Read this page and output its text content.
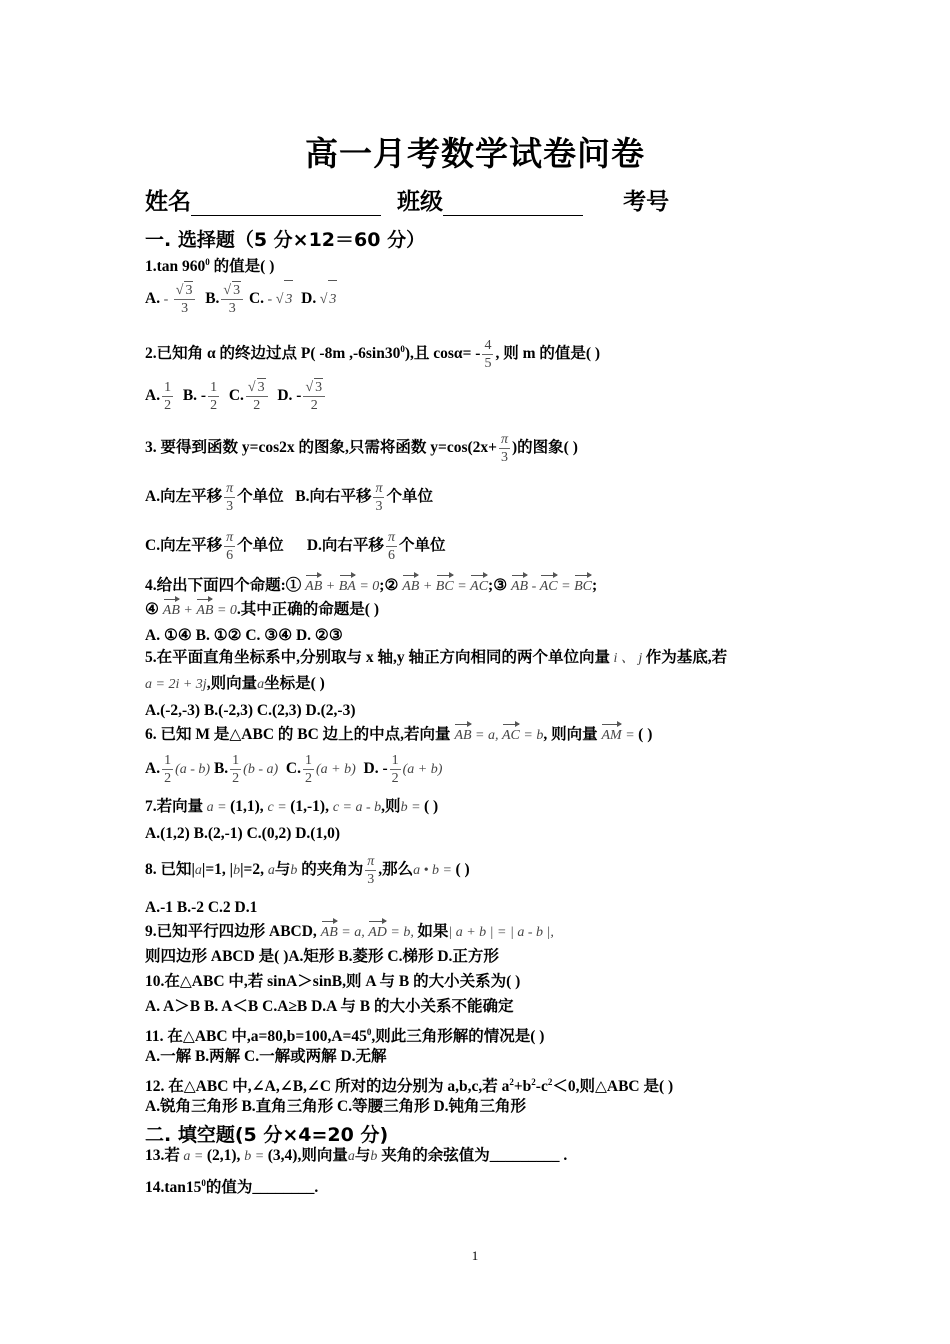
高一月考数学试卷问卷
姓名	班级	考号
一. 选择题（5 分×12＝60 分）
1.tan $960^0$ 的值是( )
A. - $\frac{√ 3}{3} B$. $\frac{√ 3}{3} C$. - √ 3 D. √ 3
2.已知角 α 的终边过点 P( -8m $,-6\sin 30^0$),且 $\cos\alpha= - \frac{4}{5}$ , 则 m 的值是( )
A. $\frac{1}{2} B$. - $\frac{1}{2} C$. $\frac{√ 3}{2} D$. - $\frac{√ 3}{2}$
3. 要得到函数 y=cos2x 的图象,只需将函数 $y=\cos(2x+ \frac{\pi}{3}$ )的图象( )
A.向左平移 $\frac{\pi}{3}$ 个单位 B.向右平移 $\frac{\pi}{3}$ 个单位
C.向左平移 $\frac{\pi}{6}$ 个单位 D.向右平移 $\frac{\pi}{6}$ 个单位
4.给出下面四个命题:① AB + BA = 0;② AB + BC = AC;③ AB - AC = BC;
④ AB + AB = 0.其中正确的命题是( )
A. ①④ B. ①② C. ③④ D. ②③
5.在平面直角坐标系中,分别取与 x 轴,y 轴正方向相同的两个单位向量 i 、 j 作为基底,若
a = 2i + 3j,则向量a坐标是( )
A.(-2,-3) B.(-2,3) C.(2,3) D.(2,-3)
6. 已知 M 是△ABC 的 BC 边上的中点,若向量 AB = a, AC = b, 则向量 AM = ( )
A. $\frac{1}{2} (a - b)$ B. $\frac{1}{2} (b - a)$ C. $\frac{1}{2} (a + b)$ D. - $\frac{1}{2} (a + b)$
7.若向量 a = (1,1), c = (1,-1), c = a - b,则b = ( )
A.(1,2) B.(2,-1) C.(0,2) D.(1,0)
8. 已知|a|=1, |b|=2, a与b 的夹角为 $\frac{\pi}{3}$ ,那么a • b = ( )
A.-1 B.-2 C.2 D.1
9.已知平行四边形 ABCD, AB = a, AD = b, 如果| a + b | = | a - b |,
则四边形 ABCD 是( )A.矩形 B.菱形 C.梯形 D.正方形
10.在△ABC 中,若 sinA＞sinB,则 A 与 B 的大小关系为( )
A. A＞B B. A＜B C.A≥B D.A 与 B 的大小关系不能确定
11. 在△ABC 中$,a=80,b=100,A=45^0$,则此三角形解的情况是( )
A.一解 B.两解 C.一解或两解 D.无解
12. 在△ABC 中,∠A,∠B,∠C 所对的边分别为 a,b,c,若 $a^2+b^2-c^2<0$,则△ABC 是( )
A.锐角三角形 B.直角三角形 C.等腰三角形 D.钝角三角形
二. 填空题(5 分×4=20 分)
13.若 a = (2,1), b = (3,4),则向量a与b 夹角的余弦值为_________ .
$14.\tan 15^0$的值为________.
1
